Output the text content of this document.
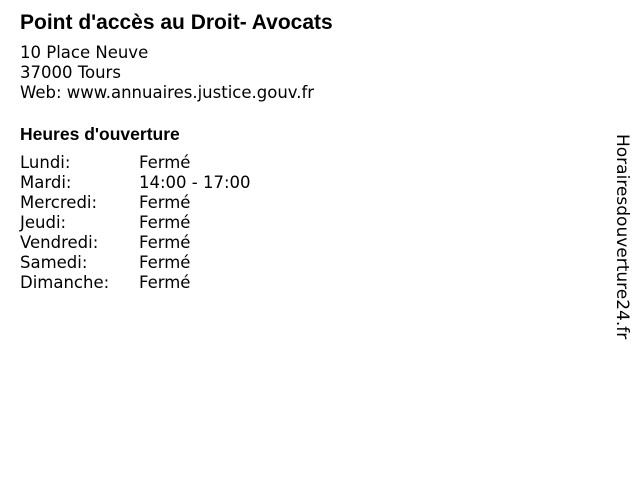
Point d'accès au Droit- Avocats
10 Place Neuve
37000 Tours
Web: www.annuaires.justice.gouv.fr
Heures d'ouverture
Lundi:	Fermé
Mardi:	14:00 - 17:00
Mercredi:	Fermé
Jeudi:	Fermé
Vendredi:	Fermé
Samedi:	Fermé
Dimanche:	Fermé	Horairesdouverture24.fr
